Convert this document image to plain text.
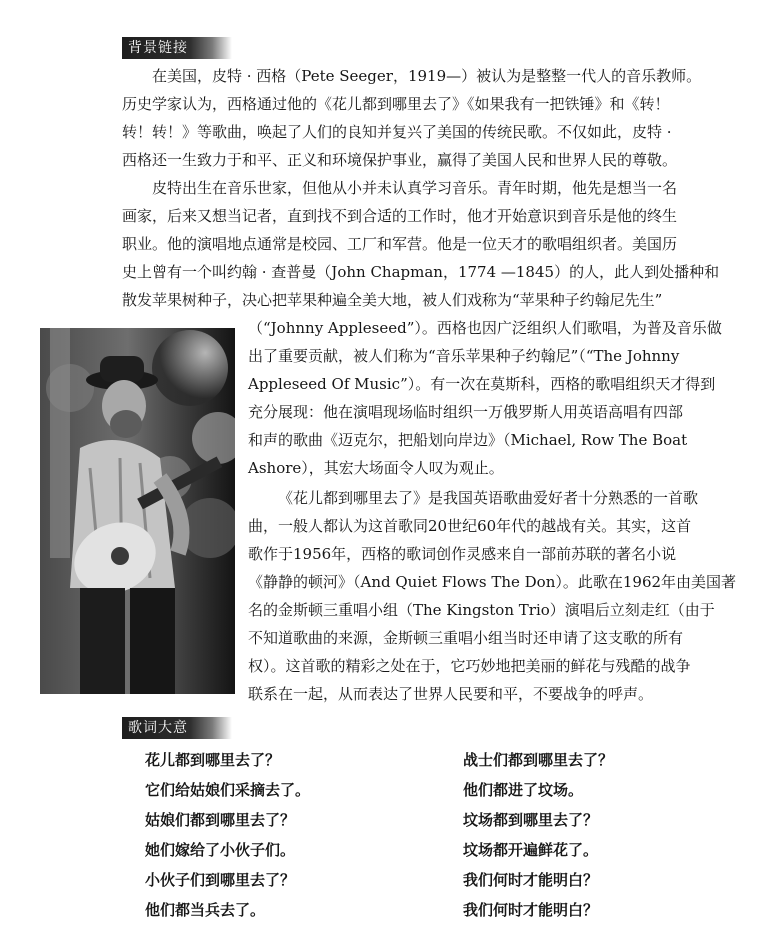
背景链接

在美国，皮特 · 西格（Pete Seeger，1919—）被认为是整整一代人的音乐教师。

历史学家认为，西格通过他的《花儿都到哪里去了》《如果我有一把铁锤》和《转！

转！转！》等歌曲，唤起了人们的良知并复兴了美国的传统民歌。不仅如此，皮特 ·

西格还一生致力于和平、正义和环境保护事业，赢得了美国人民和世界人民的尊敬。

皮特出生在音乐世家，但他从小并未认真学习音乐。青年时期，他先是想当一名

画家，后来又想当记者，直到找不到合适的工作时，他才开始意识到音乐是他的终生

职业。他的演唱地点通常是校园、工厂和军营。他是一位天才的歌唱组织者。美国历

史上曾有一个叫约翰 · 查普曼（John Chapman，1774 —1845）的人，此人到处播种和

散发苹果树种子，决心把苹果种遍全美大地，被人们戏称为“苹果种子约翰尼先生”

（“Johnny Appleseed”）。西格也因广泛组织人们歌唱，为普及音乐做

出了重要贡献，被人们称为“音乐苹果种子约翰尼”（“The Johnny

Appleseed Of Music”）。有一次在莫斯科，西格的歌唱组织天才得到

充分展现：他在演唱现场临时组织一万俄罗斯人用英语高唱有四部

和声的歌曲《迈克尔，把船划向岸边》（Michael, Row The Boat

Ashore），其宏大场面令人叹为观止。

《花儿都到哪里去了》是我国英语歌曲爱好者十分熟悉的一首歌

曲，一般人都认为这首歌同20世纪60年代的越战有关。其实，这首

歌作于1956年，西格的歌词创作灵感来自一部前苏联的著名小说

《静静的顿河》（And Quiet Flows The Don）。此歌在1962年由美国著

名的金斯顿三重唱小组（The Kingston Trio）演唱后立刻走红（由于

不知道歌曲的来源，金斯顿三重唱小组当时还申请了这支歌的所有

权）。这首歌的精彩之处在于，它巧妙地把美丽的鲜花与残酷的战争

联系在一起，从而表达了世界人民要和平，不要战争的呼声。

歌词大意

花儿都到哪里去了？

它们给姑娘们采摘去了。

姑娘们都到哪里去了？

她们嫁给了小伙子们。

小伙子们到哪里去了？

他们都当兵去了。

战士们都到哪里去了？

他们都进了坟场。

坟场都到哪里去了？

坟场都开遍鲜花了。

我们何时才能明白？

我们何时才能明白？
